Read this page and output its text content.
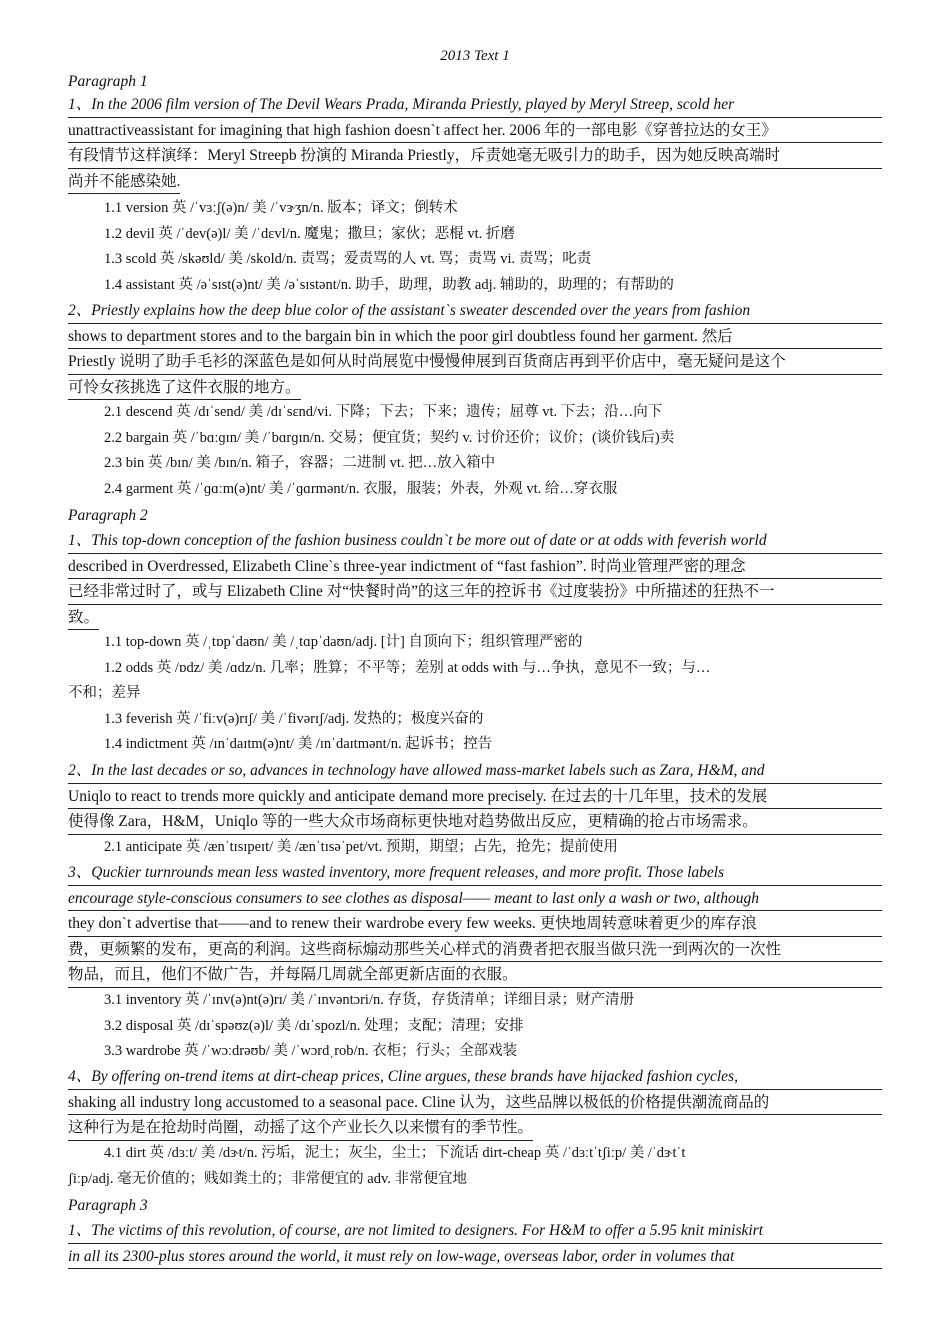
2013 Text 1
Paragraph 1
1、In the 2006 film version of The Devil Wears Prada, Miranda Priestly, played by Meryl Streep, scold her
unattractiveassistant for imagining that high fashion doesn`t affect her. 2006 年的一部电影《穿普拉达的女王》
有段情节这样演绎：Meryl Streepb 扮演的 Miranda Priestly，斥责她毫无吸引力的助手，因为她反映高端时
尚并不能感染她.
1.1 version 英 /ˈvɜːʃ(ə)n/ 美 /ˈvɝʒn/n. 版本；译文；倒转术
1.2 devil 英 /ˈdev(ə)l/ 美 /ˈdɛvl/n. 魔鬼；撒旦；家伙；恶棍 vt. 折磨
1.3 scold 英 /skəʊld/ 美 /skold/n. 责骂；爱责骂的人 vt. 骂；责骂 vi. 责骂；叱责
1.4 assistant 英 /əˈsɪst(ə)nt/ 美 /əˈsɪstənt/n. 助手，助理，助教 adj. 辅助的，助理的；有帮助的
2、Priestly explains how the deep blue color of the assistant`s sweater descended over the years from fashion
shows to department stores and to the bargain bin in which the poor girl doubtless found her garment. 然后
Priestly 说明了助手毛衫的深蓝色是如何从时尚展览中慢慢伸展到百货商店再到平价店中，毫无疑问是这个
可怜女孩挑选了这件衣服的地方。
2.1 descend 英 /dɪˈsend/ 美 /dɪˈsɛnd/vi. 下降；下去；下来；遗传；屈尊 vt. 下去；沿…向下
2.2 bargain 英 /ˈbɑːɡɪn/ 美 /ˈbɑrɡɪn/n. 交易；便宜货；契约 v. 讨价还价；议价；(谈价钱后)卖
2.3 bin 英 /bɪn/ 美 /bɪn/n. 箱子，容器；二进制 vt. 把…放入箱中
2.4 garment 英 /ˈɡɑːm(ə)nt/ 美 /ˈɡɑrmənt/n. 衣服，服装；外表，外观 vt. 给…穿衣服
Paragraph 2
1、This top-down conception of the fashion business couldn`t be more out of date or at odds with feverish world
described in Overdressed, Elizabeth Cline`s three-year indictment of “fast fashion”. 时尚业管理严密的理念
已经非常过时了，或与 Elizabeth Cline 对“快餐时尚”的这三年的控诉书《过度装扮》中所描述的狂热不一
致。
1.1 top-down 英 /ˌtɒpˈdaʊn/ 美 /ˌtɑpˈdaʊn/adj. [计] 自顶向下；组织管理严密的
1.2 odds 英 /ɒdz/ 美 /ɑdz/n. 几率；胜算；不平等；差别 at odds with 与…争执，意见不一致；与…
不和；差异
1.3 feverish 英 /ˈfiːv(ə)rɪʃ/ 美 /ˈfivərɪʃ/adj. 发热的；极度兴奋的
1.4 indictment 英 /ɪnˈdaɪtm(ə)nt/ 美 /ɪnˈdaɪtmənt/n. 起诉书；控告
2、In the last decades or so, advances in technology have allowed mass-market labels such as Zara, H&M, and
Uniqlo to react to trends more quickly and anticipate demand more precisely. 在过去的十几年里，技术的发展
使得像 Zara，H&M，Uniqlo 等的一些大众市场商标更快地对趋势做出反应，更精确的抢占市场需求。
2.1 anticipate 英 /ænˈtɪsɪpeɪt/ 美 /ænˈtɪsəˈpet/vt. 预期，期望；占先，抢先；提前使用
3、Quckier turnrounds mean less wasted inventory, more frequent releases, and more profit. Those labels
encourage style-conscious consumers to see clothes as disposal—— meant to last only a wash or two, although
they don`t advertise that——and to renew their wardrobe every few weeks. 更快地周转意味着更少的库存浪
费，更频繁的发布，更高的利润。这些商标煽动那些关心样式的消费者把衣服当做只洗一到两次的一次性
物品，而且，他们不做广告，并每隔几周就全部更新店面的衣服。
3.1 inventory 英 /ˈɪnv(ə)nt(ə)rɪ/ 美 /ˈɪnvəntɔri/n. 存货，存货清单；详细目录；财产清册
3.2 disposal 英 /dɪˈspəʊz(ə)l/ 美 /dɪˈspozl/n. 处理；支配；清理；安排
3.3 wardrobe 英 /ˈwɔːdrəʊb/ 美 /ˈwɔrdˌrob/n. 衣柜；行头；全部戏装
4、By offering on-trend items at dirt-cheap prices, Cline argues, these brands have hijacked fashion cycles,
shaking all industry long accustomed to a seasonal pace. Cline 认为，这些品牌以极低的价格提供潮流商品的
这种行为是在抢劫时尚圈，动摇了这个产业长久以来惯有的季节性。
4.1 dirt 英 /dɜːt/ 美 /dɝt/n. 污垢，泥土；灰尘，尘土；下流话 dirt-cheap 英 /ˈdɜːtˈtʃiːp/ 美 /ˈdɝtˈt
ʃiːp/adj. 毫无价值的；贱如粪土的；非常便宜的 adv. 非常便宜地
Paragraph 3
1、The victims of this revolution, of course, are not limited to designers. For H&M to offer a 5.95 knit miniskirt
in all its 2300-plus stores around the world, it must rely on low-wage, overseas labor, order in volumes that
